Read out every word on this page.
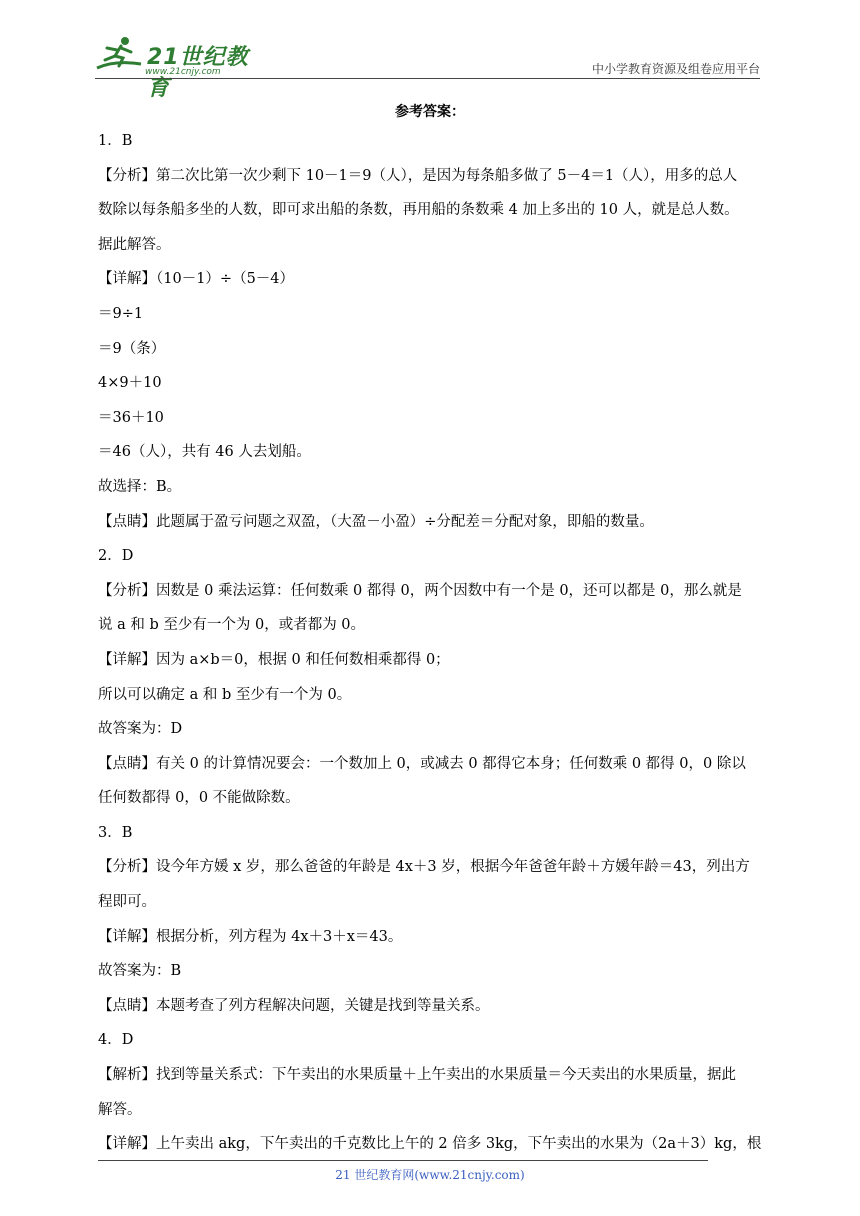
21世纪教育
www.21cnjy.com	中小学教育资源及组卷应用平台
参考答案：
1．B
【分析】第二次比第一次少剩下 10－1＝9（人），是因为每条船多做了 5－4＝1（人），用多的总人
数除以每条船多坐的人数，即可求出船的条数，再用船的条数乘 4 加上多出的 10 人，就是总人数。
据此解答。
【详解】（10－1）÷（5－4）
＝9÷1
＝9（条）
4×9＋10
＝36＋10
＝46（人），共有 46 人去划船。
故选择：B。
【点睛】此题属于盈亏问题之双盈，（大盈－小盈）÷分配差＝分配对象，即船的数量。
2．D
【分析】因数是 0 乘法运算：任何数乘 0 都得 0，两个因数中有一个是 0，还可以都是 0，那么就是
说 a 和 b 至少有一个为 0，或者都为 0。
【详解】因为 a×b＝0，根据 0 和任何数相乘都得 0；
所以可以确定 a 和 b 至少有一个为 0。
故答案为：D
【点睛】有关 0 的计算情况要会：一个数加上 0，或减去 0 都得它本身；任何数乘 0 都得 0，0 除以
任何数都得 0，0 不能做除数。
3．B
【分析】设今年方媛 x 岁，那么爸爸的年龄是 4x＋3 岁，根据今年爸爸年龄＋方媛年龄＝43，列出方
程即可。
【详解】根据分析，列方程为 4x＋3＋x＝43。
故答案为：B
【点睛】本题考查了列方程解决问题，关键是找到等量关系。
4．D
【解析】找到等量关系式：下午卖出的水果质量＋上午卖出的水果质量＝今天卖出的水果质量，据此
解答。
【详解】上午卖出 akg，下午卖出的千克数比上午的 2 倍多 3kg，下午卖出的水果为（2a＋3）kg，根
21 世纪教育网(www.21cnjy.com)
